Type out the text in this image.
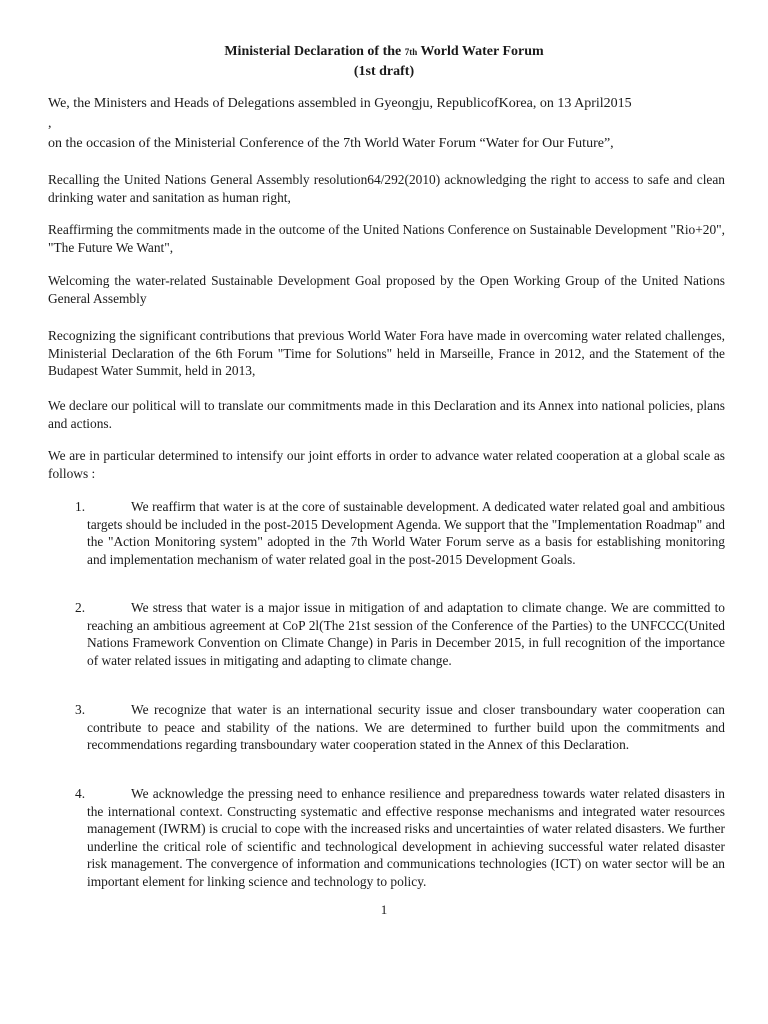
Ministerial Declaration of the 7th World Water Forum
(1st draft)

We, the Ministers and Heads of Delegations assembled in Gyeongju, RepublicofKorea, on 13 April2015

,

on the occasion of the Ministerial Conference of the 7th World Water Forum “Water for Our Future”,

Recalling the United Nations General Assembly resolution64/292(2010) acknowledging the right to access to safe and clean drinking water and sanitation as human right,

Reaffirming the commitments made in the outcome of the United Nations Conference on Sustainable Development "Rio+20", "The Future We Want",

Welcoming the water-related Sustainable Development Goal proposed by the Open Working Group of the United Nations General Assembly

Recognizing the significant contributions that previous World Water Fora have made in overcoming water related challenges, Ministerial Declaration of the 6th Forum "Time for Solutions" held in Marseille, France in 2012, and the Statement of the Budapest Water Summit, held in 2013,

We declare our political will to translate our commitments made in this Declaration and its Annex into national policies, plans and actions.

We are in particular determined to intensify our joint efforts in order to advance water related cooperation at a global scale as follows :

1.	We reaffirm that water is at the core of sustainable development. A dedicated water related goal and ambitious targets should be included in the post-2015 Development Agenda. We support that the "Implementation Roadmap" and the "Action Monitoring system" adopted in the 7th World Water Forum serve as a basis for establishing monitoring and implementation mechanism of water related goal in the post-2015 Development Goals.
2.	We stress that water is a major issue in mitigation of and adaptation to climate change. We are committed to reaching an ambitious agreement at CoP 2l(The 21st session of the Conference of the Parties) to the UNFCCC(United Nations Framework Convention on Climate Change) in Paris in December 2015, in full recognition of the importance of water related issues in mitigating and adapting to climate change.
3.	We recognize that water is an international security issue and closer transboundary water cooperation can contribute to peace and stability of the nations. We are determined to further build upon the commitments and recommendations regarding transboundary water cooperation stated in the Annex of this Declaration.
4.	We acknowledge the pressing need to enhance resilience and preparedness towards water related disasters in the international context. Constructing systematic and effective response mechanisms and integrated water resources management (IWRM) is crucial to cope with the increased risks and uncertainties of water related disasters. We further underline the critical role of scientific and technological development in achieving successful water related disaster risk management. The convergence of information and communications technologies (ICT) on water sector will be an important element for linking science and technology to policy.
1
